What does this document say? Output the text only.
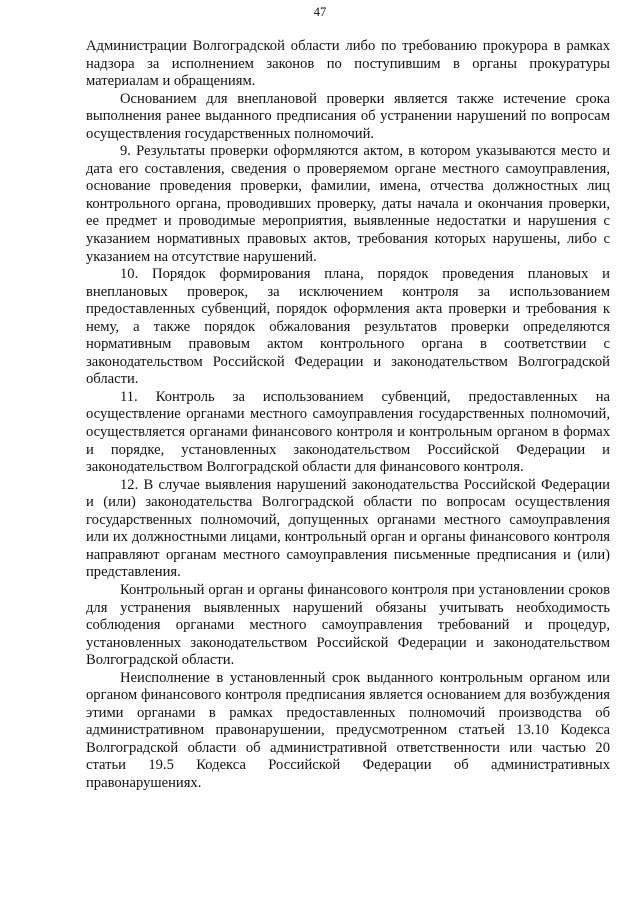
47

Администрации Волгоградской области либо по требованию прокурора в рамках надзора за исполнением законов по поступившим в органы прокуратуры материалам и обращениям.

Основанием для внеплановой проверки является также истечение срока выполнения ранее выданного предписания об устранении нарушений по вопросам осуществления государственных полномочий.

9. Результаты проверки оформляются актом, в котором указываются место и дата его составления, сведения о проверяемом органе местного самоуправления, основание проведения проверки, фамилии, имена, отчества должностных лиц контрольного органа, проводивших проверку, даты начала и окончания проверки, ее предмет и проводимые мероприятия, выявленные недостатки и нарушения с указанием нормативных правовых актов, требования которых нарушены, либо с указанием на отсутствие нарушений.

10. Порядок формирования плана, порядок проведения плановых и внеплановых проверок, за исключением контроля за использованием предоставленных субвенций, порядок оформления акта проверки и требования к нему, а также порядок обжалования результатов проверки определяются нормативным правовым актом контрольного органа в соответствии с законодательством Российской Федерации и законодательством Волгоградской области.

11. Контроль за использованием субвенций, предоставленных на осуществление органами местного самоуправления государственных полномочий, осуществляется органами финансового контроля и контрольным органом в формах и порядке, установленных законодательством Российской Федерации и законодательством Волгоградской области для финансового контроля.

12. В случае выявления нарушений законодательства Российской Федерации и (или) законодательства Волгоградской области по вопросам осуществления государственных полномочий, допущенных органами местного самоуправления или их должностными лицами, контрольный орган и органы финансового контроля направляют органам местного самоуправления письменные предписания и (или) представления.

Контрольный орган и органы финансового контроля при установлении сроков для устранения выявленных нарушений обязаны учитывать необходимость соблюдения органами местного самоуправления требований и процедур, установленных законодательством Российской Федерации и законодательством Волгоградской области.

Неисполнение в установленный срок выданного контрольным органом или органом финансового контроля предписания является основанием для возбуждения этими органами в рамках предоставленных полномочий производства об административном правонарушении, предусмотренном статьей 13.10 Кодекса Волгоградской области об административной ответственности или частью 20 статьи 19.5 Кодекса Российской Федерации об административных правонарушениях.
